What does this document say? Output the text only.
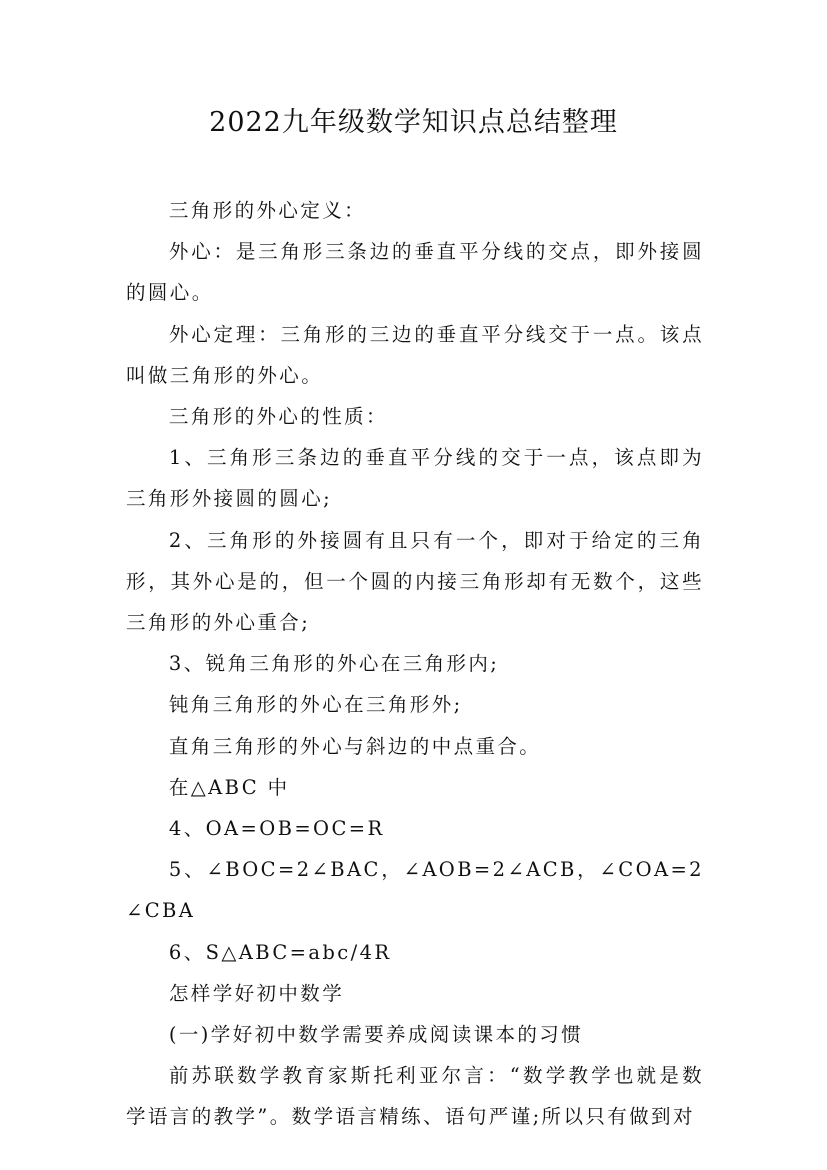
2022九年级数学知识点总结整理

三角形的外心定义：

外心：是三角形三条边的垂直平分线的交点，即外接圆的圆心。

外心定理：三角形的三边的垂直平分线交于一点。该点叫做三角形的外心。

三角形的外心的性质：

1、三角形三条边的垂直平分线的交于一点，该点即为三角形外接圆的圆心;

2、三角形的外接圆有且只有一个，即对于给定的三角形，其外心是的，但一个圆的内接三角形却有无数个，这些三角形的外心重合;

3、锐角三角形的外心在三角形内;

钝角三角形的外心在三角形外;

直角三角形的外心与斜边的中点重合。

在△ABC 中

4、OA=OB=OC=R

5、∠BOC=2∠BAC，∠AOB=2∠ACB，∠COA=2∠CBA

6、S△ABC=abc/4R

怎样学好初中数学

(一)学好初中数学需要养成阅读课本的习惯

前苏联数学教育家斯托利亚尔言：“数学教学也就是数学语言的教学”。数学语言精练、语句严谨;所以只有做到对
